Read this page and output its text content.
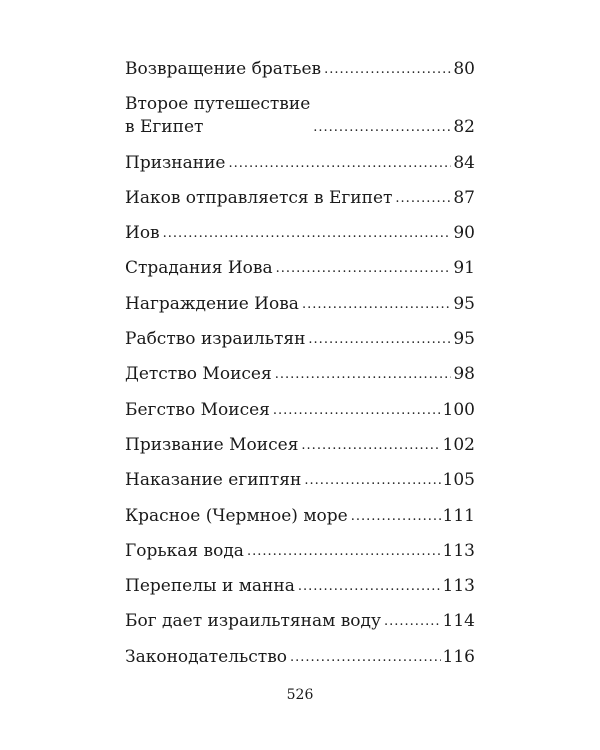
Возвращение братьев .....	80
Второе путешествие
в Египет .....	82
Признание .....	84
Иаков отправляется в Египет .....	87
Иов .....	90
Страдания Иова .....	91
Награждение Иова .....	95
Рабство израильтян .....	95
Детство Моисея .....	98
Бегство Моисея .....	100
Призвание Моисея .....	102
Наказание египтян .....	105
Красное (Чермное) море .....	111
Горькая вода .....	113
Перепелы и манна .....	113
Бог дает израильтянам воду .....	114
Законодательство .....	116
526
